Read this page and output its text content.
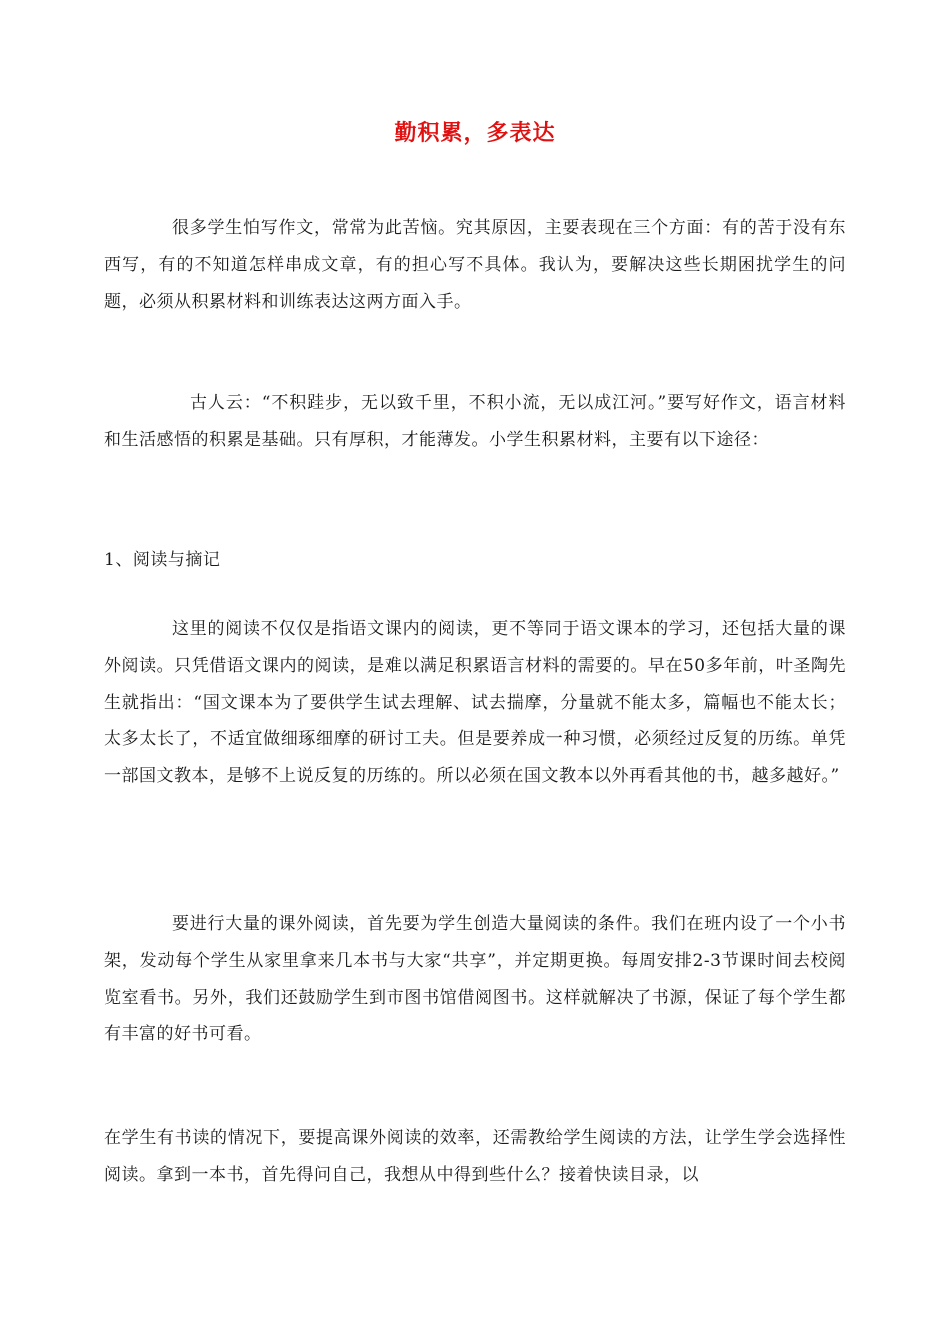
勤积累，多表达

很多学生怕写作文，常常为此苦恼。究其原因，主要表现在三个方面：有的苦于没有东西写，有的不知道怎样串成文章，有的担心写不具体。我认为，要解决这些长期困扰学生的问题，必须从积累材料和训练表达这两方面入手。

古人云：“不积跬步，无以致千里，不积小流，无以成江河。”要写好作文，语言材料和生活感悟的积累是基础。只有厚积，才能薄发。小学生积累材料，主要有以下途径：

1、阅读与摘记

这里的阅读不仅仅是指语文课内的阅读，更不等同于语文课本的学习，还包括大量的课外阅读。只凭借语文课内的阅读，是难以满足积累语言材料的需要的。早在50多年前，叶圣陶先生就指出：“国文课本为了要供学生试去理解、试去揣摩，分量就不能太多，篇幅也不能太长；太多太长了，不适宜做细琢细摩的研讨工夫。但是要养成一种习惯，必须经过反复的历练。单凭一部国文教本，是够不上说反复的历练的。所以必须在国文教本以外再看其他的书，越多越好。”

要进行大量的课外阅读，首先要为学生创造大量阅读的条件。我们在班内设了一个小书架，发动每个学生从家里拿来几本书与大家“共享”，并定期更换。每周安排2-3节课时间去校阅览室看书。另外，我们还鼓励学生到市图书馆借阅图书。这样就解决了书源，保证了每个学生都有丰富的好书可看。

在学生有书读的情况下，要提高课外阅读的效率，还需教给学生阅读的方法，让学生学会选择性阅读。拿到一本书，首先得问自己，我想从中得到些什么？接着快读目录，以
